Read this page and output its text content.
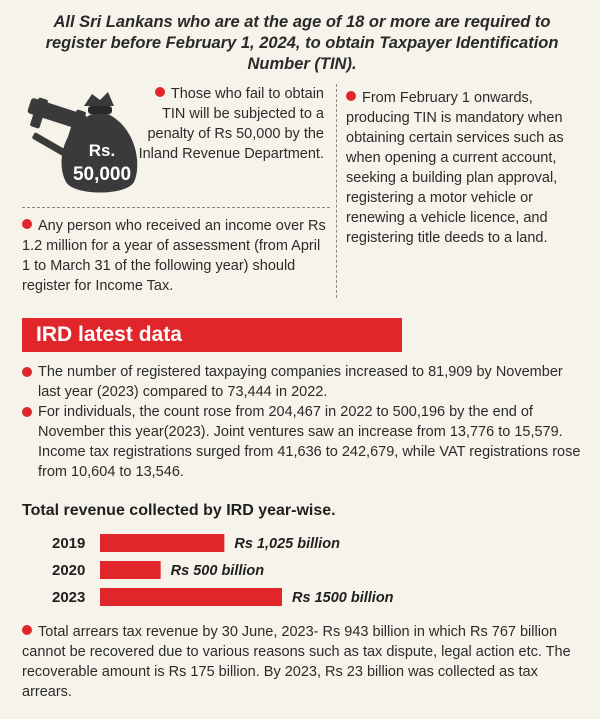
All Sri Lankans who are at the age of 18 or more are required to register before February 1, 2024, to obtain Taxpayer Identification Number (TIN).
Rs.
50,000
Those who fail to obtain TIN will be subjected to a penalty of Rs 50,000 by the Inland Revenue Department.
Any person who received an income over Rs 1.2 million for a year of assessment (from April 1 to March 31 of the following year) should register for Income Tax.
From February 1 onwards, producing TIN is mandatory when obtaining certain services such as when opening a current account, seeking a building plan approval, registering a motor vehicle or renewing a vehicle licence, and registering title deeds to a land.
IRD latest data
The number of registered taxpaying companies increased to 81,909 by November last year (2023) compared to 73,444 in 2022.
For individuals, the count rose from 204,467 in 2022 to 500,196 by the end of November this year(2023). Joint ventures saw an increase from 13,776 to 15,579. Income tax registrations surged from 41,636 to 242,679, while VAT registrations rose from 10,604 to 13,546.
Total revenue collected by IRD year-wise.
2019	Rs 1,025 billion
2020	Rs 500 billion
2023	Rs 1500 billion
Total arrears tax revenue by 30 June, 2023- Rs 943 billion in which Rs 767 billion cannot be recovered due to various reasons such as tax dispute, legal action etc. The recoverable amount is Rs 175 billion. By 2023, Rs 23 billion was collected as tax arrears.
